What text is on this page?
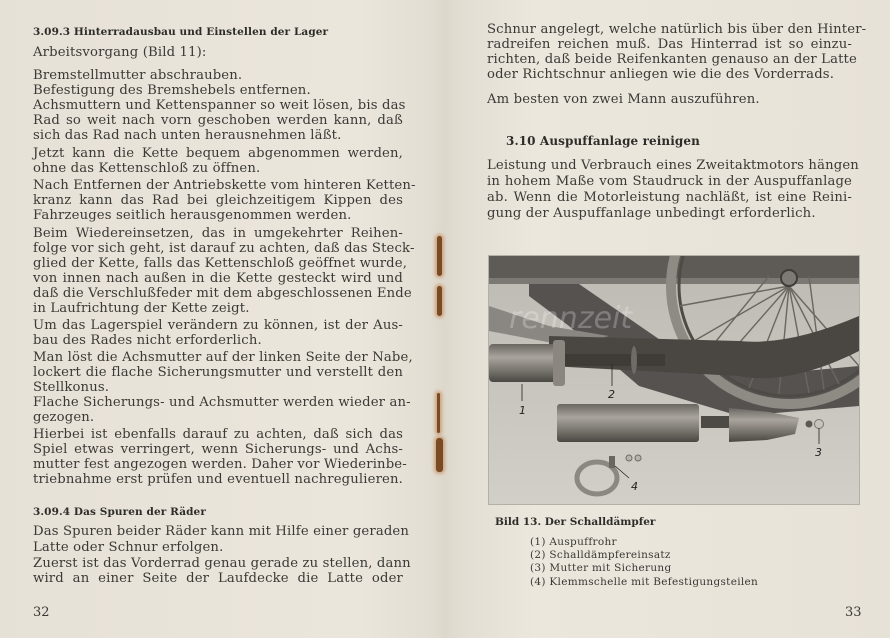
3.09.3 Hinterradausbau und Einstellen der Lager
Arbeitsvorgang (Bild 11):
Bremstellmutter abschrauben.
Befestigung des Bremshebels entfernen.
Achsmuttern und Kettenspanner so weit lösen, bis das
Rad so weit nach vorn geschoben werden kann, daß
sich das Rad nach unten herausnehmen läßt.
Jetzt kann die Kette bequem abgenommen werden,
ohne das Kettenschloß zu öffnen.
Nach Entfernen der Antriebskette vom hinteren Ketten-
kranz kann das Rad bei gleichzeitigem Kippen des
Fahrzeuges seitlich herausgenommen werden.
Beim Wiedereinsetzen, das in umgekehrter Reihen-
folge vor sich geht, ist darauf zu achten, daß das Steck-
glied der Kette, falls das Kettenschloß geöffnet wurde,
von innen nach außen in die Kette gesteckt wird und
daß die Verschlußfeder mit dem abgeschlossenen Ende
in Laufrichtung der Kette zeigt.
Um das Lagerspiel verändern zu können, ist der Aus-
bau des Rades nicht erforderlich.
Man löst die Achsmutter auf der linken Seite der Nabe,
lockert die flache Sicherungsmutter und verstellt den
Stellkonus.
Flache Sicherungs- und Achsmutter werden wieder an-
gezogen.
Hierbei ist ebenfalls darauf zu achten, daß sich das
Spiel etwas verringert, wenn Sicherungs- und Achs-
mutter fest angezogen werden. Daher vor Wiederinbe-
triebnahme erst prüfen und eventuell nachregulieren.
3.09.4 Das Spuren der Räder
Das Spuren beider Räder kann mit Hilfe einer geraden
Latte oder Schnur erfolgen.
Zuerst ist das Vorderrad genau gerade zu stellen, dann
wird an einer Seite der Laufdecke die Latte oder
32
Schnur angelegt, welche natürlich bis über den Hinter-
radreifen reichen muß. Das Hinterrad ist so einzu-
richten, daß beide Reifenkanten genauso an der Latte
oder Richtschnur anliegen wie die des Vorderrads.
Am besten von zwei Mann auszuführen.
3.10 Auspuffanlage reinigen
Leistung und Verbrauch eines Zweitaktmotors hängen
in hohem Maße vom Staudruck in der Auspuffanlage
ab. Wenn die Motorleistung nachläßt, ist eine Reini-
gung der Auspuffanlage unbedingt erforderlich.
Bild 13. Der Schalldämpfer
(1) Auspuffrohr
(2) Schalldämpfereinsatz
(3) Mutter mit Sicherung
(4) Klemmschelle mit Befestigungsteilen
33
rennzeit
1
2
3
4
